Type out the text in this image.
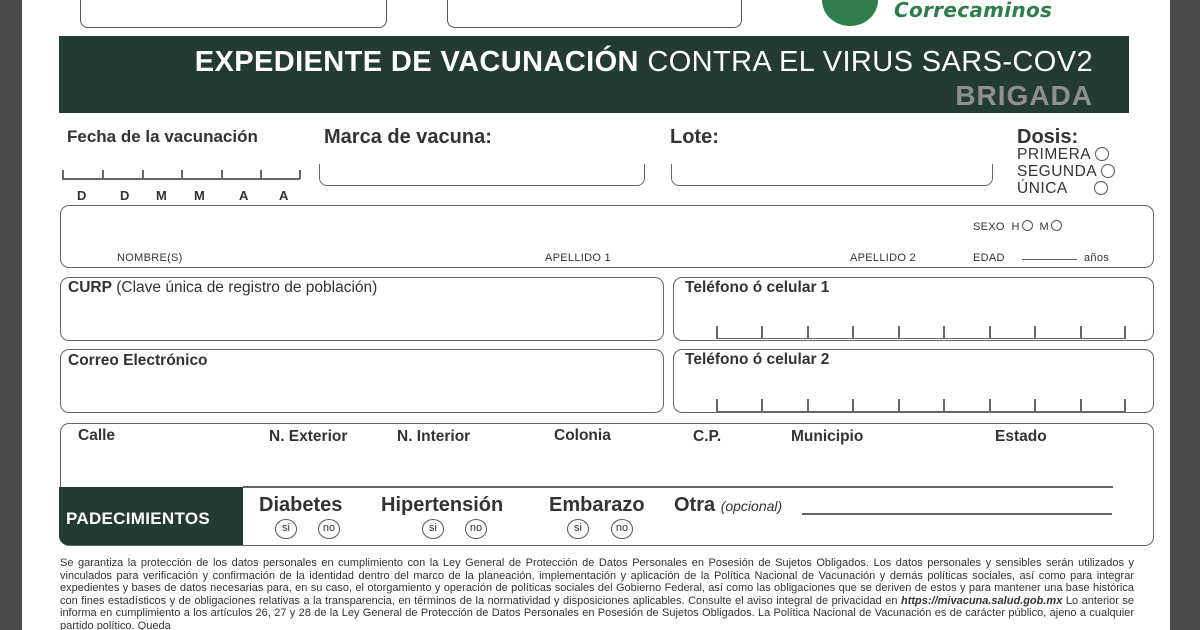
Correcaminos
EXPEDIENTE DE VACUNACIÓN CONTRA EL VIRUS SARS-COV2
BRIGADA
Fecha de la vacunación
D	D M M	A A
Marca de vacuna:	Lote:	Dosis:
PRIMERA
SEGUNDA
ÚNICA
SEXO H M
NOMBRE(S)	APELLIDO 1	APELLIDO 2	EDAD	años
CURP (Clave única de registro de población)	Teléfono ó celular 1
Correo Electrónico	Teléfono ó celular 2
Calle	N. Exterior	N. Interior	Colonia	C.P.	Municipio	Estado
PADECIMIENTOS
Diabetes
si	no
Hipertensión
si	no
Embarazo
si	no
Otra (opcional)
Se garantiza la protección de los datos personales en cumplimiento con la Ley General de Protección de Datos Personales en Posesión de Sujetos Obligados. Los datos personales y sensibles serán utilizados y vinculados para verificación y confirmación de la identidad dentro del marco de la planeación, implementación y aplicación de la Política Nacional de Vacunación y demás políticas sociales, así como para integrar expedientes y bases de datos necesarias para, en su caso, el otorgamiento y operación de políticas sociales del Gobierno Federal, así como las obligaciones que se deriven de estos y para mantener una base histórica con fines estadísticos y de obligaciones relativas a la transparencia, en términos de la normatividad y disposiciones aplicables. Consulte el aviso integral de privacidad en https://mivacuna.salud.gob.mx Lo anterior se informa en cumplimiento a los artículos 26, 27 y 28 de la Ley General de Protección de Datos Personales en Posesión de Sujetos Obligados. La Política Nacional de Vacunación es de carácter público, ajeno a cualquier partido político. Queda
